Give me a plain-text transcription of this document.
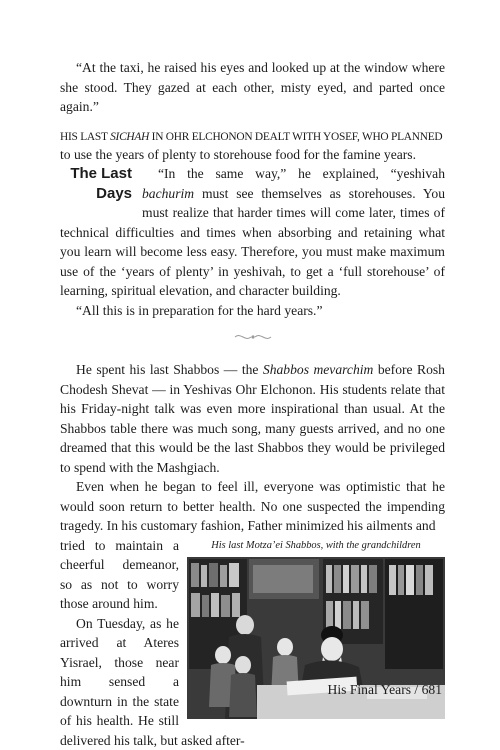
“At the taxi, he raised his eyes and looked up at the window where she stood. They gazed at each other, misty eyed, and parted once again.”

HIS LAST SICHAH IN OHR ELCHONON DEALT WITH YOSEF, WHO PLANNED

to use the years of plenty to storehouse food for the famine years.

The Last
Days

“In the same way,” he explained, “yeshivah bachurim must see themselves as storehouses. You must realize that harder times will come later, times of technical difficulties and times when absorbing and retaining what you learn will become less easy. Therefore, you must make maximum use of the ‘years of plenty’ in yeshivah, to get a ‘full storehouse’ of learning, spiritual elevation, and character building.

“All this is in preparation for the hard years.”

He spent his last Shabbos — the Shabbos mevarchim before Rosh Chodesh Shevat — in Yeshivas Ohr Elchonon. His students relate that his Friday-night talk was even more inspirational than usual. At the Shabbos table there was much song, many guests arrived, and no one dreamed that this would be the last Shabbos they would be privileged to spend with the Mashgiach.

Even when he began to feel ill, everyone was optimistic that he would soon return to better health. No one suspected the impending tragedy. In his customary fashion, Father minimized his ailments and

His last Motza’ei Shabbos, with the grandchildren

tried to maintain a cheerful demeanor, so as not to worry those around him.

On Tuesday, as he arrived at Ateres Yisrael, those near him sensed a downturn in the state of his health. He still delivered his talk, but asked after-

His Final Years / 681
